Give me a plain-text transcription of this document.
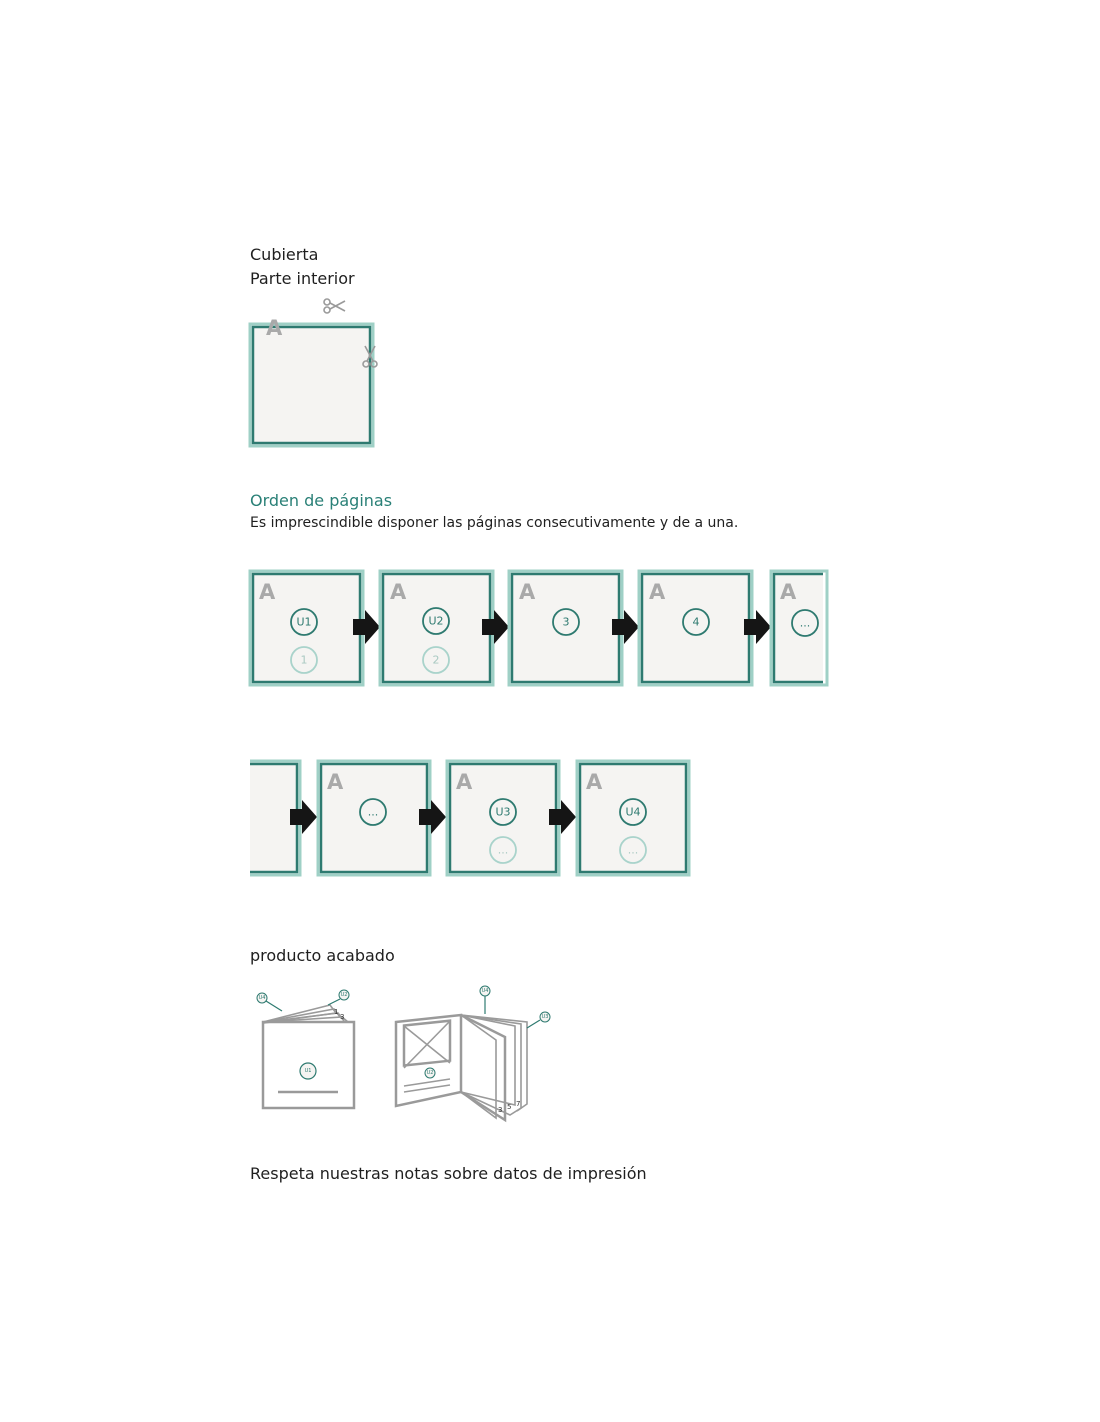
Cubierta
Parte interior
A
Orden de páginas
Es imprescindible disponer las páginas consecutivamente y de a una.
A
U1
1
A
U2
2
A
3
A
4
A
...
A
...
A
U3
...
A
U4
...
producto acabado
1
3
U1
U4	U2
U2
3 5 7
U4
U3
Respeta nuestras notas sobre datos de impresión
